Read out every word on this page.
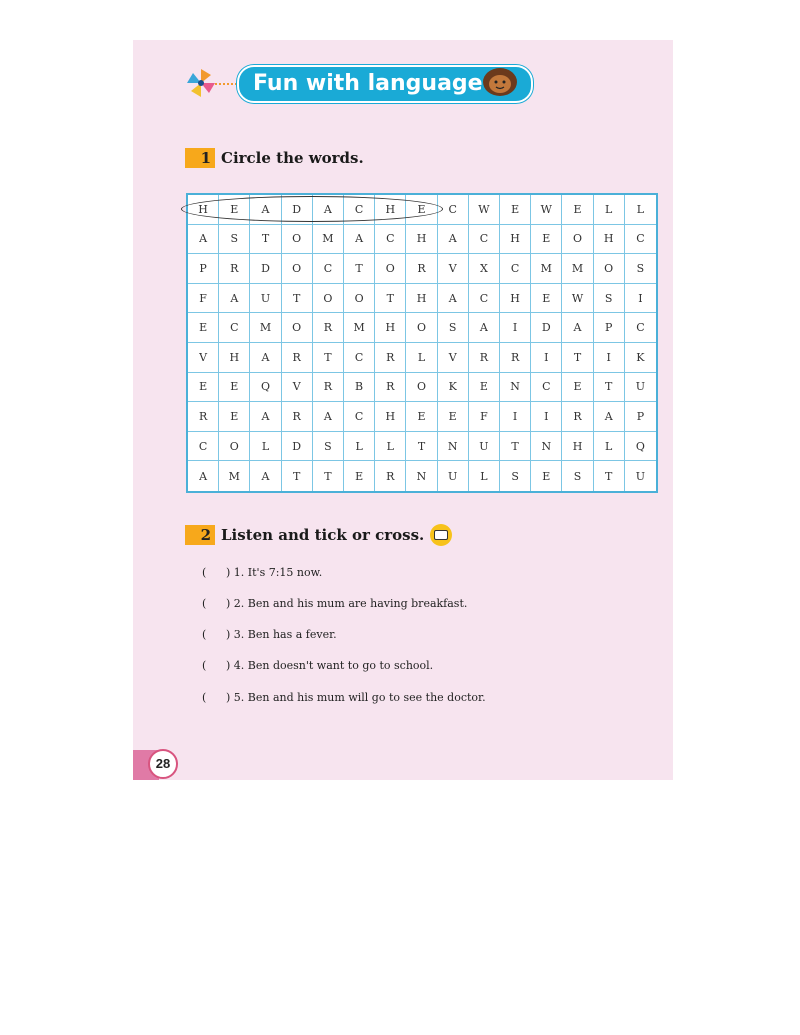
28
Fun with language
1 Circle the words.
H	E	A	D	A	C	H	E	C	W	E	W	E	L	L
A	S	T	O	M	A	C	H	A	C	H	E	O	H	C
P	R	D	O	C	T	O	R	V	X	C	M	M	O	S
F	A	U	T	O	O	T	H	A	C	H	E	W	S	I
E	C	M	O	R	M	H	O	S	A	I	D	A	P	C
V	H	A	R	T	C	R	L	V	R	R	I	T	I	K
E	E	Q	V	R	B	R	O	K	E	N	C	E	T	U
R	E	A	R	A	C	H	E	E	F	I	I	R	A	P
C	O	L	D	S	L	L	T	N	U	T	N	H	L	Q
A	M	A	T	T	E	R	N	U	L	S	E	S	T	U
2 Listen and tick or cross.
(	) 1. It's 7:15 now.
(	) 2. Ben and his mum are having breakfast.
(	) 3. Ben has a fever.
(	) 4. Ben doesn't want to go to school.
(	) 5. Ben and his mum will go to see the doctor.
